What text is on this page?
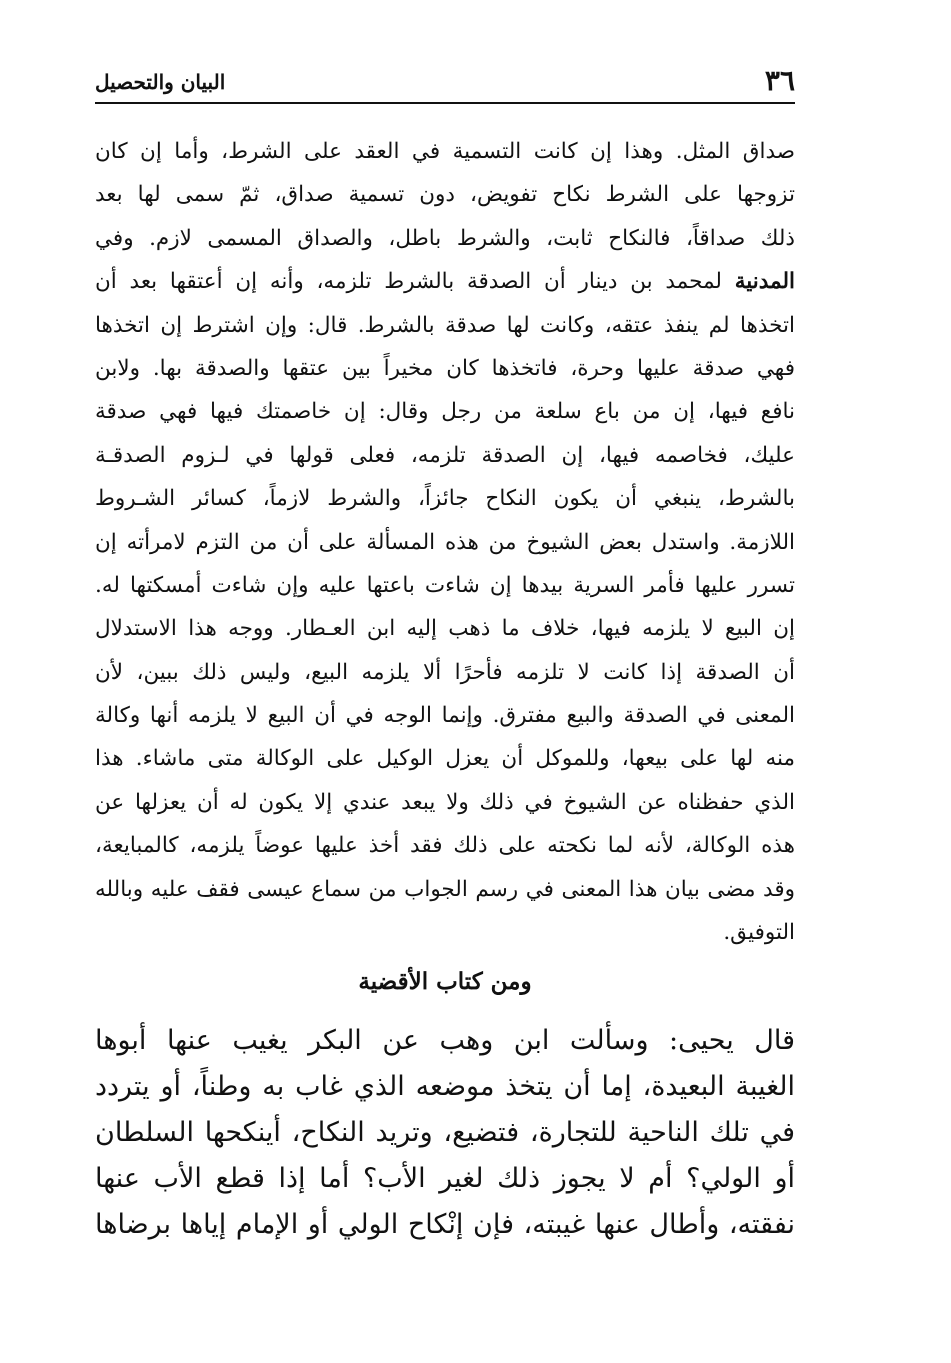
٣٦
البيان والتحصيل
صداق المثل. وهذا إن كانت التسمية في العقد على الشرط، وأما إن كان
تزوجها على الشرط نكاح تفويض، دون تسمية صداق، ثمّ سمى لها بعد
ذلك صداقاً، فالنكاح ثابت، والشرط باطل، والصداق المسمى لازم. وفي
المدنية لمحمد بن دينار أن الصدقة بالشرط تلزمه، وأنه إن أعتقها بعد أن
اتخذها لم ينفذ عتقه، وكانت لها صدقة بالشرط. قال: وإن اشترط إن اتخذها
فهي صدقة عليها وحرة، فاتخذها كان مخيراً بين عتقها والصدقة بها. ولابن
نافع فيها، إن من باع سلعة من رجل وقال: إن خاصمتك فيها فهي صدقة
عليك، فخاصمه فيها، إن الصدقة تلزمه، فعلى قولها في لـزوم الصدقـة
بالشرط، ينبغي أن يكون النكاح جائزاً، والشرط لازماً، كسائر الشـروط
اللازمة. واستدل بعض الشيوخ من هذه المسألة على أن من التزم لامرأته إن
تسرر عليها فأمر السرية بيدها إن شاءت باعتها عليه وإن شاءت أمسكتها له.
إن البيع لا يلزمه فيها، خلاف ما ذهب إليه ابن العـطار. ووجه هذا الاستدلال
أن الصدقة إذا كانت لا تلزمه فأحرًا ألا يلزمه البيع، وليس ذلك ببين، لأن
المعنى في الصدقة والبيع مفترق. وإنما الوجه في أن البيع لا يلزمه أنها وكالة
منه لها على بيعها، وللموكل أن يعزل الوكيل على الوكالة متى ماشاء. هذا
الذي حفظناه عن الشيوخ في ذلك ولا يبعد عندي إلا يكون له أن يعزلها عن
هذه الوكالة، لأنه لما نكحته على ذلك فقد أخذ عليها عوضاً يلزمه، كالمبايعة،
وقد مضى بيان هذا المعنى في رسم الجواب من سماع عيسى فقف عليه وبالله
التوفيق.
ومن كتاب الأقضية
قال يحيى: وسألت ابن وهب عن البكر يغيب عنها أبوها
الغيبة البعيدة، إما أن يتخذ موضعه الذي غاب به وطناً، أو يتردد
في تلك الناحية للتجارة، فتضيع، وتريد النكاح، أينكحها السلطان
أو الولي؟ أم لا يجوز ذلك لغير الأب؟ أما إذا قطع الأب عنها
نفقته، وأطال عنها غيبته، فإن إنْكاح الولي أو الإمام إياها برضاها
